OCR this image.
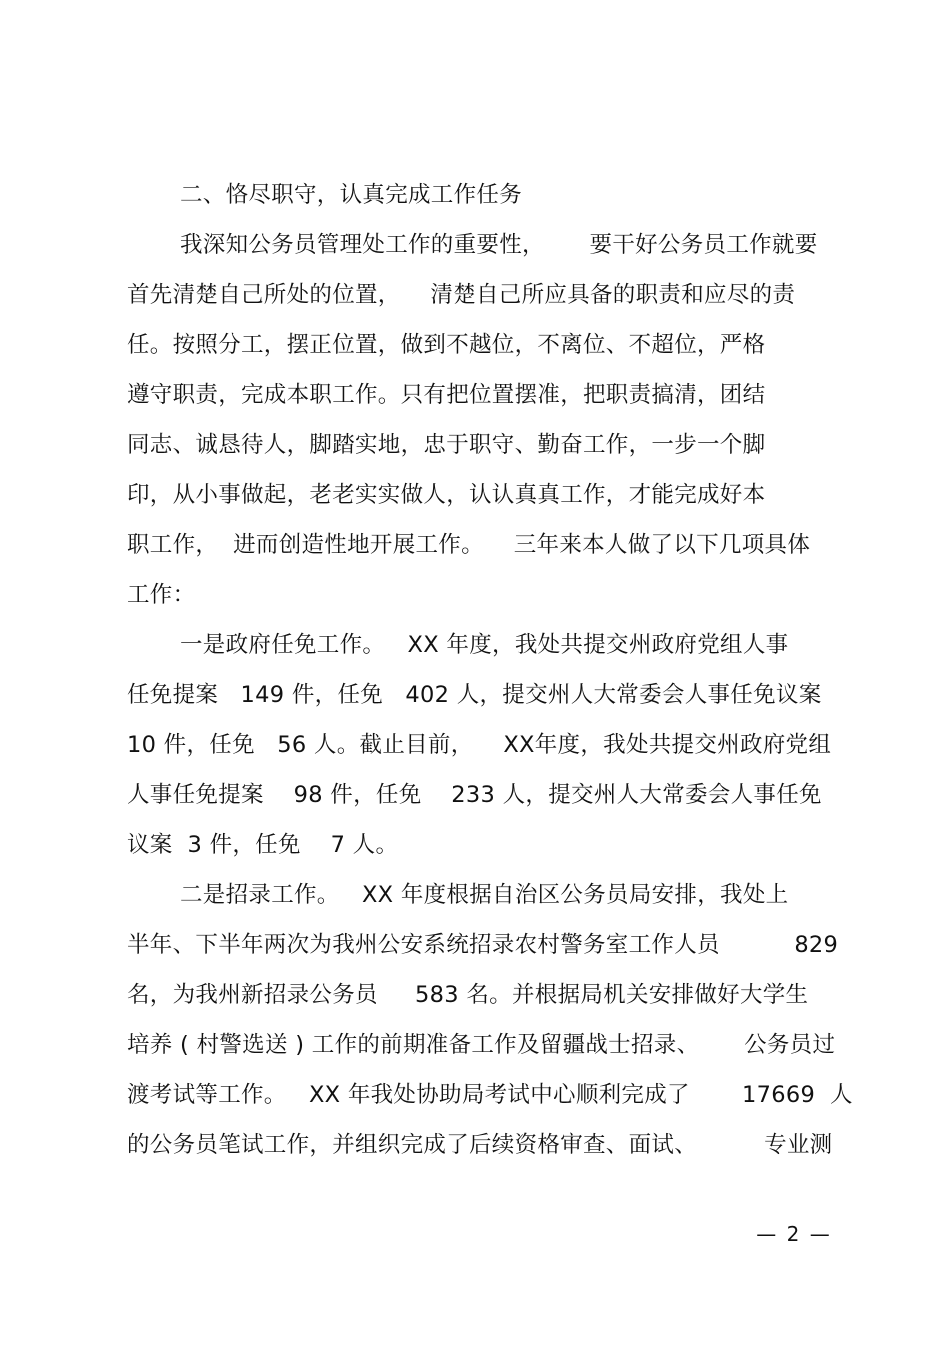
二、恪尽职守，认真完成工作任务
我深知公务员管理处工作的重要性，      要干好公务员工作就要
首先清楚自己所处的位置，    清楚自己所应具备的职责和应尽的责
任。按照分工，摆正位置，做到不越位，不离位、不超位，严格
遵守职责，完成本职工作。只有把位置摆准，把职责搞清，团结
同志、诚恳待人，脚踏实地，忠于职守、勤奋工作，一步一个脚
印，从小事做起，老老实实做人，认认真真工作，才能完成好本
职工作，  进而创造性地开展工作。    三年来本人做了以下几项具体
工作：
一是政府任免工作。   XX 年度，我处共提交州政府党组人事
任免提案   149 件，任免   402 人，提交州人大常委会人事任免议案
10 件，任免   56 人。截止目前，    XX年度，我处共提交州政府党组
人事任免提案    98 件，任免    233 人，提交州人大常委会人事任免
议案  3 件，任免    7 人。
二是招录工作。   XX 年度根据自治区公务员局安排，我处上
半年、下半年两次为我州公安系统招录农村警务室工作人员          829
名，为我州新招录公务员     583 名。并根据局机关安排做好大学生
培养 ( 村警选送 ) 工作的前期准备工作及留疆战士招录、      公务员过
渡考试等工作。   XX 年我处协助局考试中心顺利完成了       17669  人
的公务员笔试工作，并组织完成了后续资格审查、面试、         专业测
— 2 —
